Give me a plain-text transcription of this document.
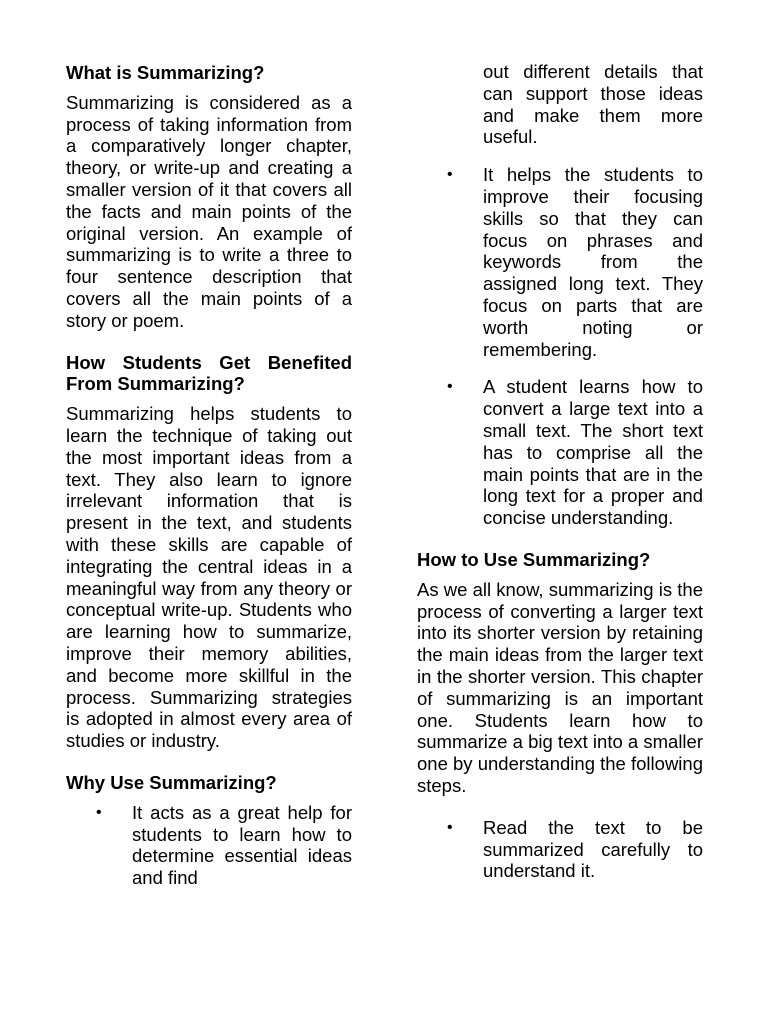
What is Summarizing?

Summarizing is considered as a process of taking information from a comparatively longer chapter, theory, or write-up and creating a smaller version of it that covers all the facts and main points of the original version. An example of summarizing is to write a three to four sentence description that covers all the main points of a story or poem.

How Students Get Benefited From Summarizing?

Summarizing helps students to learn the technique of taking out the most important ideas from a text. They also learn to ignore irrelevant information that is present in the text, and students with these skills are capable of integrating the central ideas in a meaningful way from any theory or conceptual write-up. Students who are learning how to summarize, improve their memory abilities, and become more skillful in the process. Summarizing strategies is adopted in almost every area of studies or industry.

Why Use Summarizing?
• It acts as a great help for students to learn how to determine essential ideas and find

out different details that can support those ideas and make them more useful.

• It helps the students to improve their focusing skills so that they can focus on phrases and keywords from the assigned long text. They focus on parts that are worth noting or remembering.
• A student learns how to convert a large text into a small text. The short text has to comprise all the main points that are in the long text for a proper and concise understanding.
How to Use Summarizing?

As we all know, summarizing is the process of converting a larger text into its shorter version by retaining the main ideas from the larger text in the shorter version. This chapter of summarizing is an important one. Students learn how to summarize a big text into a smaller one by understanding the following steps.

• Read the text to be summarized carefully to understand it.
